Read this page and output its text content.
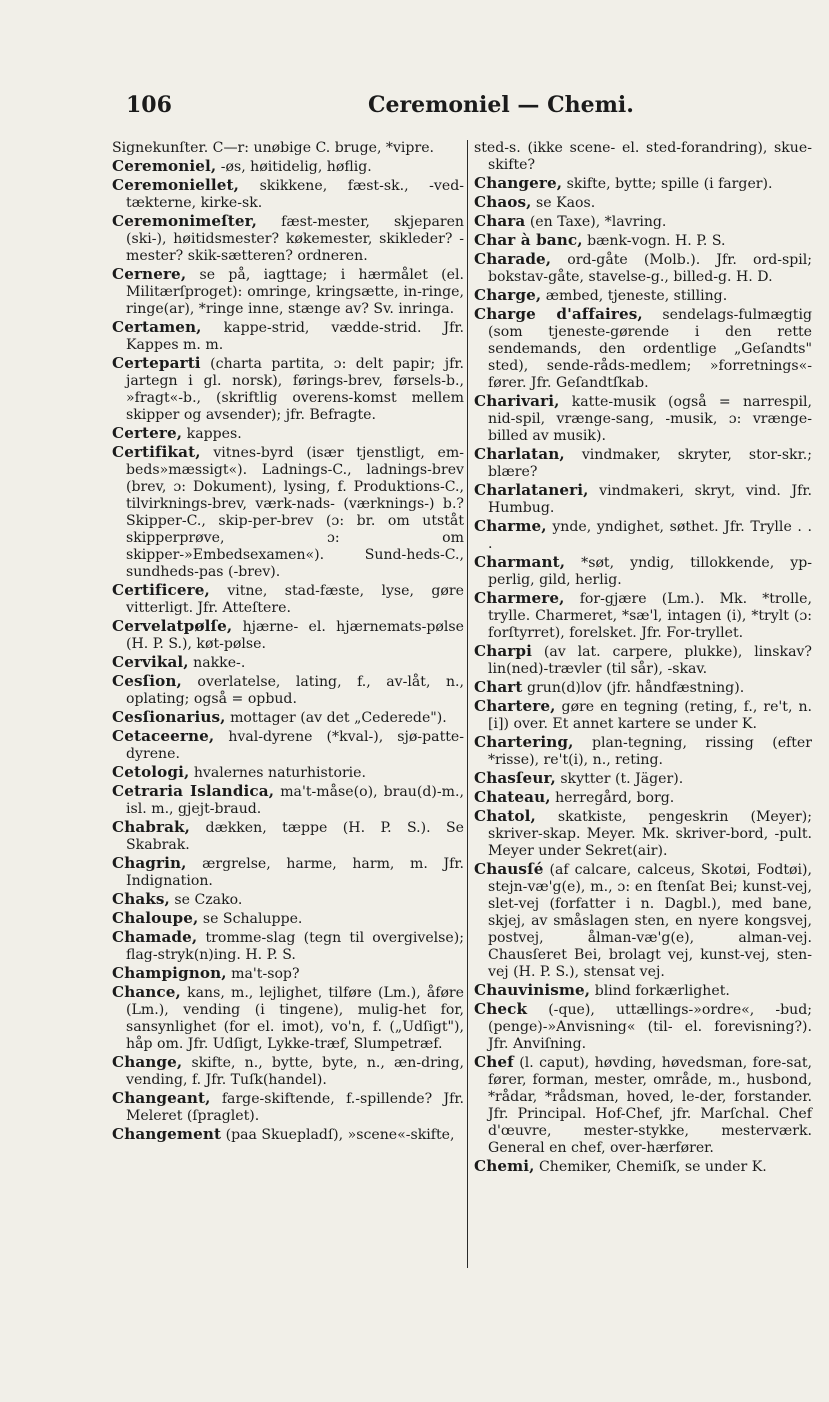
106	Ceremoniel — Chemi.
Signekunſter. C—r: unøbige C. bruge, *vipre.
Ceremoniel, -øs, høitidelig, høflig.
Ceremoniellet, skikkene, fæst-sk., -ved-tækterne, kirke-sk.
Ceremonimeſter, fæst-mester, skjeparen (ski-), høitidsmester? køkemester, skikleder? -mester? skik-sætteren? ordneren.
Cernere, se på, iagttage; i hærmålet (el. Militærſproget): omringe, kringsætte, in-ringe, ringe(ar), *ringe inne, stænge av? Sv. inringa.
Certamen, kappe-strid, vædde-strid. Jfr. Kappes m. m.
Certeparti (charta partita, ɔ: delt papir; jfr. jartegn i gl. norsk), førings-brev, førsels-b., »fragt«-b., (skriftlig overens-komst mellem skipper og avsender); jfr. Befragte.
Certere, kappes.
Certifikat, vitnes-byrd (især tjenstligt, em-beds»mæssigt«). Ladnings-C., ladnings-brev (brev, ɔ: Dokument), lysing, f. Produktions-C., tilvirknings-brev, værk-nads- (værknings-) b.? Skipper-C., skip-per-brev (ɔ: br. om utståt skipperprøve, ɔ: om skipper-»Embedsexamen«). Sund-heds-C., sundheds-pas (-brev).
Certificere, vitne, stad-fæste, lyse, gøre vitterligt. Jfr. Atteſtere.
Cervelatpølſe, hjærne- el. hjærnemats-pølse (H. P. S.), køt-pølse.
Cervikal, nakke-.
Cesſion, overlatelse, lating, f., av-låt, n., oplating; også = opbud.
Cesſionarius, mottager (av det „Cederede").
Cetaceerne, hval-dyrene (*kval-), sjø-patte-dyrene.
Cetologi, hvalernes naturhistorie.
Cetraria Islandica, ma't-måse(o), brau(d)-m., isl. m., gjejt-braud.
Chabrak, dækken, tæppe (H. P. S.). Se Skabrak.
Chagrin, ærgrelse, harme, harm, m. Jfr. Indignation.
Chaks, se Czako.
Chaloupe, se Schaluppe.
Chamade, tromme-slag (tegn til overgivelse); flag-stryk(n)ing. H. P. S.
Champignon, ma't-sop?
Chance, kans, m., lejlighet, tilføre (Lm.), åføre (Lm.), vending (i tingene), mulig-het for, sansynlighet (for el. imot), vo'n, f. („Udſigt"), håp om. Jfr. Udſigt, Lykke-træf, Slumpetræf.
Change, skifte, n., bytte, byte, n., æn-dring, vending, f. Jfr. Tuſk(handel).
Changeant, farge-skiftende, f.-spillende? Jfr. Meleret (ſpraglet).
Changement (paa Skuepladſ), »scene«-skifte,
sted-s. (ikke scene- el. sted-forandring), skue-skifte?
Changere, skifte, bytte; spille (i farger).
Chaos, se Kaos.
Chara (en Taxe), *lavring.
Char à banc, bænk-vogn. H. P. S.
Charade, ord-gåte (Molb.). Jfr. ord-spil; bokstav-gåte, stavelse-g., billed-g. H. D.
Charge, æmbed, tjeneste, stilling.
Charge d'affaires, sendelags-fulmægtig (som tjeneste-gørende i den rette sendemands, den ordentlige „Geſandts" sted), sende-råds-medlem; »forretnings«-fører. Jfr. Geſandtſkab.
Charivari, katte-musik (også = narrespil, nid-spil, vrænge-sang, -musik, ɔ: vrænge-billed av musik).
Charlatan, vindmaker, skryter, stor-skr.; blære?
Charlataneri, vindmakeri, skryt, vind. Jfr. Humbug.
Charme, ynde, yndighet, søthet. Jfr. Trylle . . .
Charmant, *søt, yndig, tillokkende, yp-perlig, gild, herlig.
Charmere, for-gjære (Lm.). Mk. *trolle, trylle. Charmeret, *sæ'l, intagen (i), *trylt (ɔ: forſtyrret), forelsket. Jfr. For-tryllet.
Charpi (av lat. carpere, plukke), linskav? lin(ned)-trævler (til sår), -skav.
Chart grun(d)lov (jfr. håndfæstning).
Chartere, gøre en tegning (reting, f., re't, n. [i]) over. Et annet kartere se under K.
Chartering, plan-tegning, rissing (efter *risse), re't(i), n., reting.
Chasſeur, skytter (t. Jäger).
Chateau, herregård, borg.
Chatol, skatkiste, pengeskrin (Meyer); skriver-skap. Meyer. Mk. skriver-bord, -pult. Meyer under Sekret(air).
Chausſé (af calcare, calceus, Skotøi, Fodtøi), stejn-væ'g(e), m., ɔ: en ſtenſat Bei; kunst-vej, slet-vej (forfatter i n. Dagbl.), med bane, skjej, av småslagen sten, en nyere kongsvej, postvej, ålman-væ'g(e), alman-vej. Chausſeret Bei, brolagt vej, kunst-vej, sten-vej (H. P. S.), stensat vej.
Chauvinisme, blind forkærlighet.
Check (-que), uttællings-»ordre«, -bud; (penge)-»Anvisning« (til- el. forevisning?). Jfr. Anviſning.
Chef (l. caput), høvding, høvedsman, fore-sat, fører, forman, mester, område, m., husbond, *rådar, *rådsman, hoved, le-der, forstander. Jfr. Principal. Hof-Chef, jfr. Marſchal. Chef d'œuvre, mester-stykke, mesterværk. General en chef, over-hærfører.
Chemi, Chemiker, Chemiſk, se under K.
